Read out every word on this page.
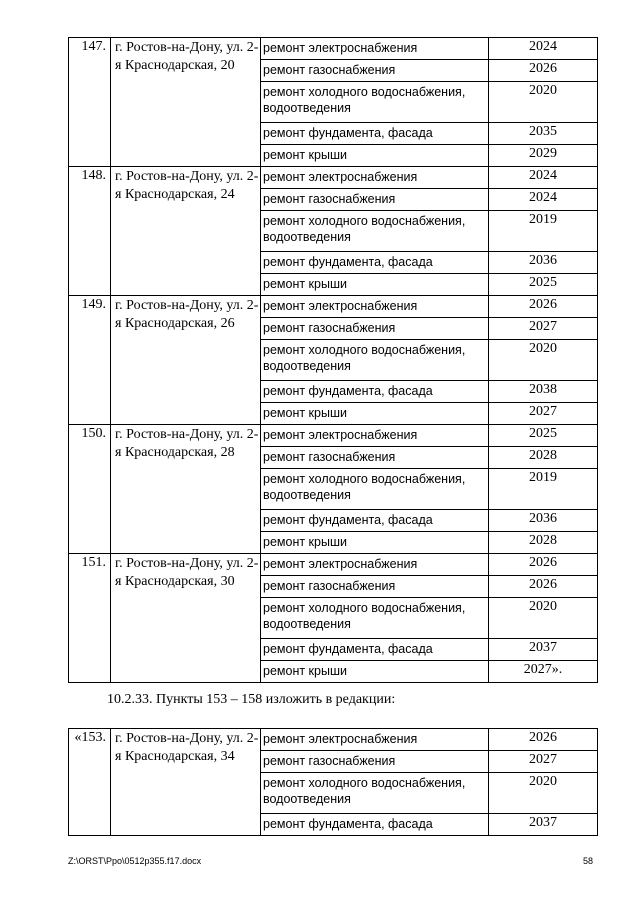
147.	г. Ростов-на-Дону, ул. 2-я Краснодарская, 20	ремонт электроснабжения	2024
		ремонт газоснабжения	2026
		ремонт холодного водоснабжения, водоотведения	2020
		ремонт фундамента, фасада	2035
		ремонт крыши	2029
148.	г. Ростов-на-Дону, ул. 2-я Краснодарская, 24	ремонт электроснабжения	2024
		ремонт газоснабжения	2024
		ремонт холодного водоснабжения, водоотведения	2019
		ремонт фундамента, фасада	2036
		ремонт крыши	2025
149.	г. Ростов-на-Дону, ул. 2-я Краснодарская, 26	ремонт электроснабжения	2026
		ремонт газоснабжения	2027
		ремонт холодного водоснабжения, водоотведения	2020
		ремонт фундамента, фасада	2038
		ремонт крыши	2027
150.	г. Ростов-на-Дону, ул. 2-я Краснодарская, 28	ремонт электроснабжения	2025
		ремонт газоснабжения	2028
		ремонт холодного водоснабжения, водоотведения	2019
		ремонт фундамента, фасада	2036
		ремонт крыши	2028
151.	г. Ростов-на-Дону, ул. 2-я Краснодарская, 30	ремонт электроснабжения	2026
		ремонт газоснабжения	2026
		ремонт холодного водоснабжения, водоотведения	2020
		ремонт фундамента, фасада	2037
		ремонт крыши	2027».
10.2.33. Пункты 153 – 158 изложить в редакции:
«153.	г. Ростов-на-Дону, ул. 2-я Краснодарская, 34	ремонт электроснабжения	2026
		ремонт газоснабжения	2027
		ремонт холодного водоснабжения, водоотведения	2020
		ремонт фундамента, фасада	2037
Z:\ORST\Ppo\0512p355.f17.docx	58
